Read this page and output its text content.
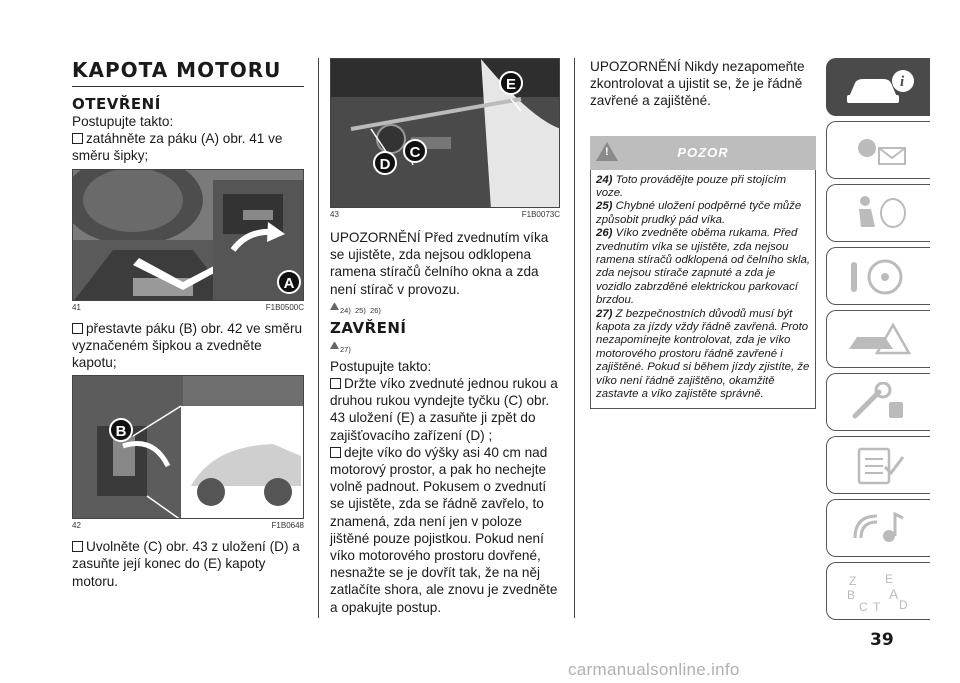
KAPOTA MOTORU
OTEVŘENÍ
Postupujte takto:
zatáhněte za páku (A) obr. 41 ve směru šipky;
A
41	F1B0500C
přestavte páku (B) obr. 42 ve směru vyznačeném šipkou a zvedněte kapotu;
B
42	F1B0648
Uvolněte (C) obr. 43 z uložení (D) a zasuňte její konec do (E) kapoty motoru.
E
D
C
43	F1B0073C
UPOZORNĚNÍ Před zvednutím víka se ujistěte, zda nejsou odklopena ramena stíračů čelního okna a zda není stírač v provozu.
24) 25) 26)
ZAVŘENÍ
27)
Postupujte takto:
Držte víko zvednuté jednou rukou a druhou rukou vyndejte tyčku (C) obr. 43 uložení (E) a zasuňte ji zpět do zajišťovacího zařízení (D) ;
dejte víko do výšky asi 40 cm nad motorový prostor, a pak ho nechejte volně padnout. Pokusem o zvednutí se ujistěte, zda se řádně zavřelo, to znamená, zda není jen v poloze jištěné pouze pojistkou. Pokud není víko motorového prostoru dovřené, nesnažte se je dovřít tak, že na něj zatlačíte shora, ale znovu je zvedněte a opakujte postup.
UPOZORNĚNÍ Nikdy nezapomeňte zkontrolovat a ujistit se, že je řádně zavřené a zajištěné.
!
POZOR
24) Toto provádějte pouze při stojícím voze.
25) Chybné uložení podpěrné tyče může způsobit prudký pád víka.
26) Víko zvedněte oběma rukama. Před zvednutím víka se ujistěte, zda nejsou ramena stíračů odklopená od čelního skla, zda nejsou stírače zapnuté a zda je vozidlo zabrzděné elektrickou parkovací brzdou.
27) Z bezpečnostních důvodů musí být kapota za jízdy vždy řádně zavřená. Proto nezapomínejte kontrolovat, zda je víko motorového prostoru řádně zavřené i zajištěné. Pokud si během jízdy zjistíte, že víko není řádně zajištěno, okamžitě zastavte a víko zajistěte správně.
i
Z E
B A
C T D
39
carmanualsonline.info
